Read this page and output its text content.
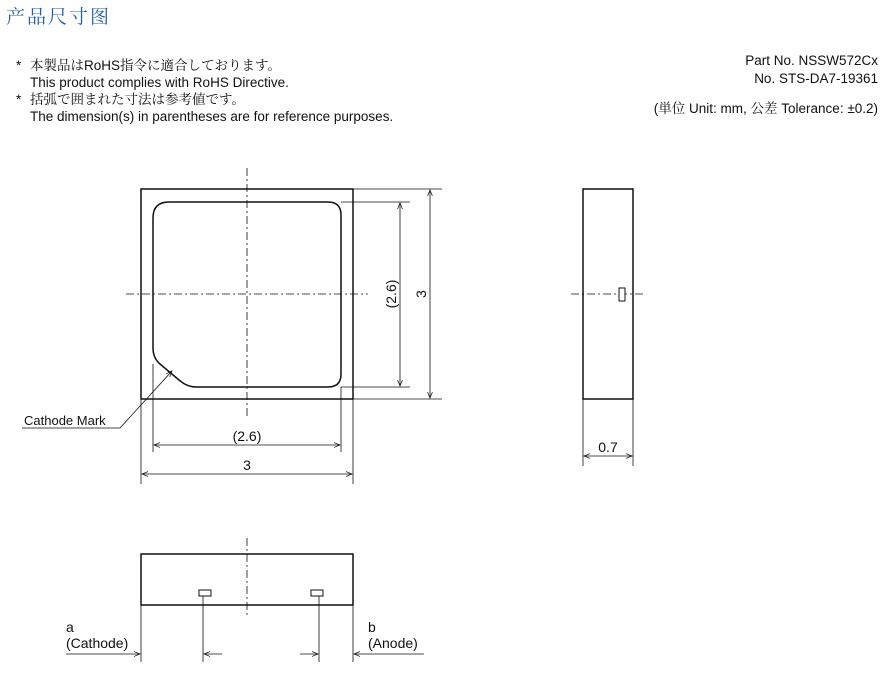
产品尺寸图
* 本製品はRoHS指令に適合しております。
This product complies with RoHS Directive.
* 括弧で囲まれた寸法は参考値です。
The dimension(s) in parentheses are for reference purposes.
Part No. NSSW572Cx
No. STS-DA7-19361
(単位 Unit: mm, 公差 Tolerance: ±0.2)
Cathode Mark
(2.6) 3
(2.6)
3
0.7
a
(Cathode)
b
(Anode)
